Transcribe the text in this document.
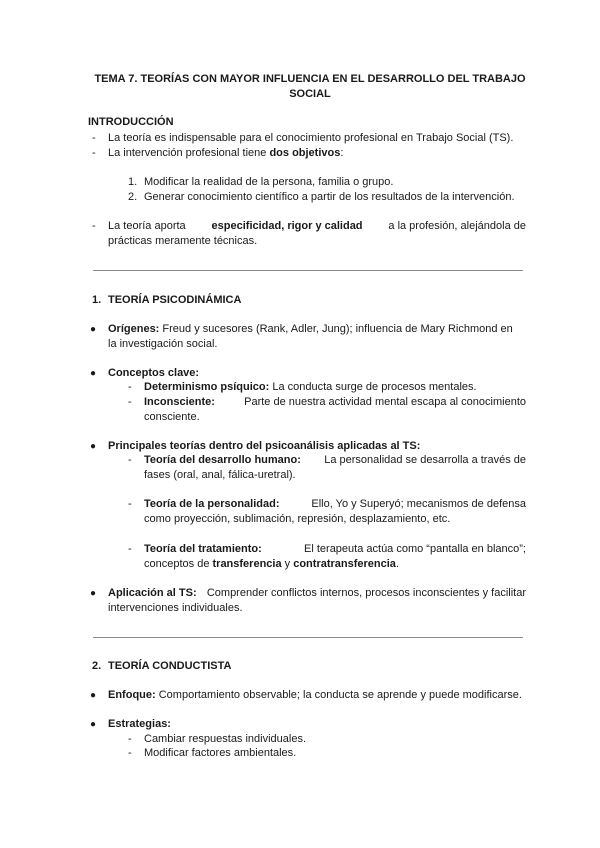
TEMA 7. TEORÍAS CON MAYOR INFLUENCIA EN EL DESARROLLO DEL TRABAJO
SOCIAL
INTRODUCCIÓN
-	La teoría es indispensable para el conocimiento profesional en Trabajo Social (TS).
-	La intervención profesional tiene dos objetivos:
1. Modificar la realidad de la persona, familia o grupo.
2. Generar conocimiento científico a partir de los resultados de la intervención.
-	La teoría aporta especificidad, rigor y calidad a la profesión, alejándola de
prácticas meramente técnicas.
1. TEORÍA PSICODINÁMICA
● Orígenes: Freud y sucesores (Rank, Adler, Jung); influencia de Mary Richmond en
la investigación social.
● Conceptos clave:
-	Determinismo psíquico: La conducta surge de procesos mentales.
-	Inconsciente:	Parte de nuestra actividad mental escapa al conocimiento
consciente.
● Principales teorías dentro del psicoanálisis aplicadas al TS:
-	Teoría del desarrollo humano: La personalidad se desarrolla a través de
fases (oral, anal, fálica-uretral).
-	Teoría de la personalidad:	Ello, Yo y Superyó; mecanismos de defensa
como proyección, sublimación, represión, desplazamiento, etc.
-	Teoría del tratamiento:	El terapeuta actúa como “pantalla en blanco”;
conceptos de transferencia y contratransferencia.
● Aplicación al TS: Comprender conflictos internos, procesos inconscientes y facilitar
intervenciones individuales.
2. TEORÍA CONDUCTISTA
● Enfoque: Comportamiento observable; la conducta se aprende y puede modificarse.
● Estrategias:
-	Cambiar respuestas individuales.
-	Modificar factores ambientales.
